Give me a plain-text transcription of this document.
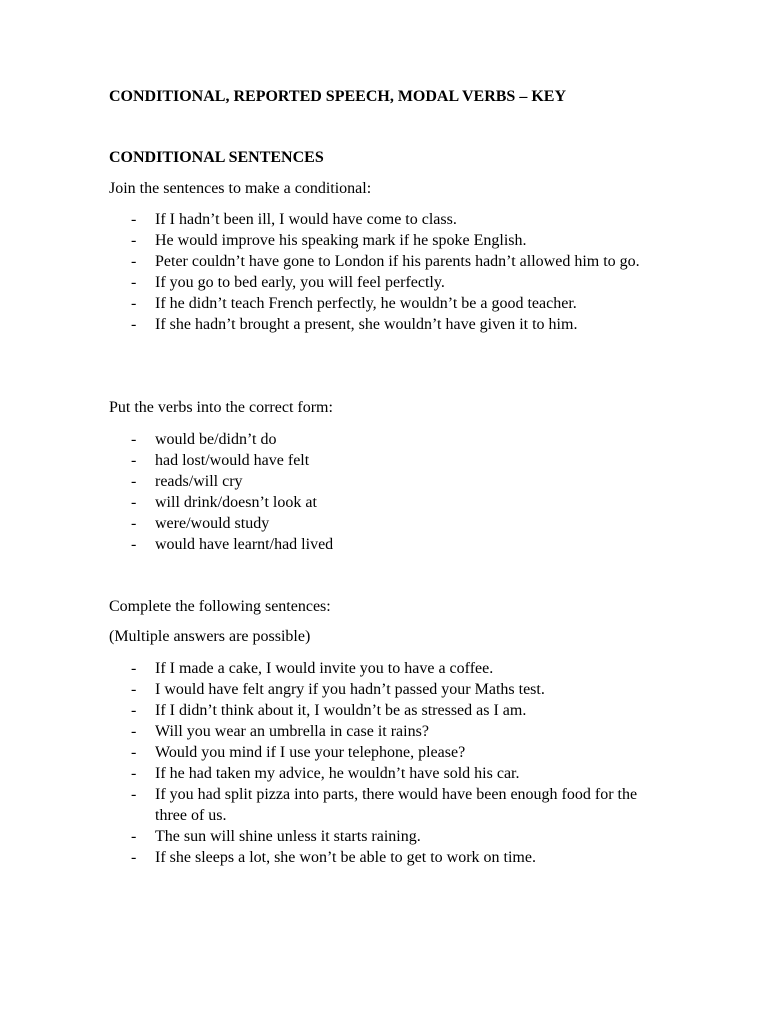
CONDITIONAL, REPORTED SPEECH, MODAL VERBS – KEY
CONDITIONAL SENTENCES
Join the sentences to make a conditional:
- If I hadn’t been ill, I would have come to class.
- He would improve his speaking mark if he spoke English.
- Peter couldn’t have gone to London if his parents hadn’t allowed him to go.
- If you go to bed early, you will feel perfectly.
- If he didn’t teach French perfectly, he wouldn’t be a good teacher.
- If she hadn’t brought a present, she wouldn’t have given it to him.
Put the verbs into the correct form:
- would be/didn’t do
- had lost/would have felt
- reads/will cry
- will drink/doesn’t look at
- were/would study
- would have learnt/had lived
Complete the following sentences:
(Multiple answers are possible)
- If I made a cake, I would invite you to have a coffee.
- I would have felt angry if you hadn’t passed your Maths test.
- If I didn’t think about it, I wouldn’t be as stressed as I am.
- Will you wear an umbrella in case it rains?
- Would you mind if I use your telephone, please?
- If he had taken my advice, he wouldn’t have sold his car.
- If you had split pizza into parts, there would have been enough food for the three of us.
- The sun will shine unless it starts raining.
- If she sleeps a lot, she won’t be able to get to work on time.
